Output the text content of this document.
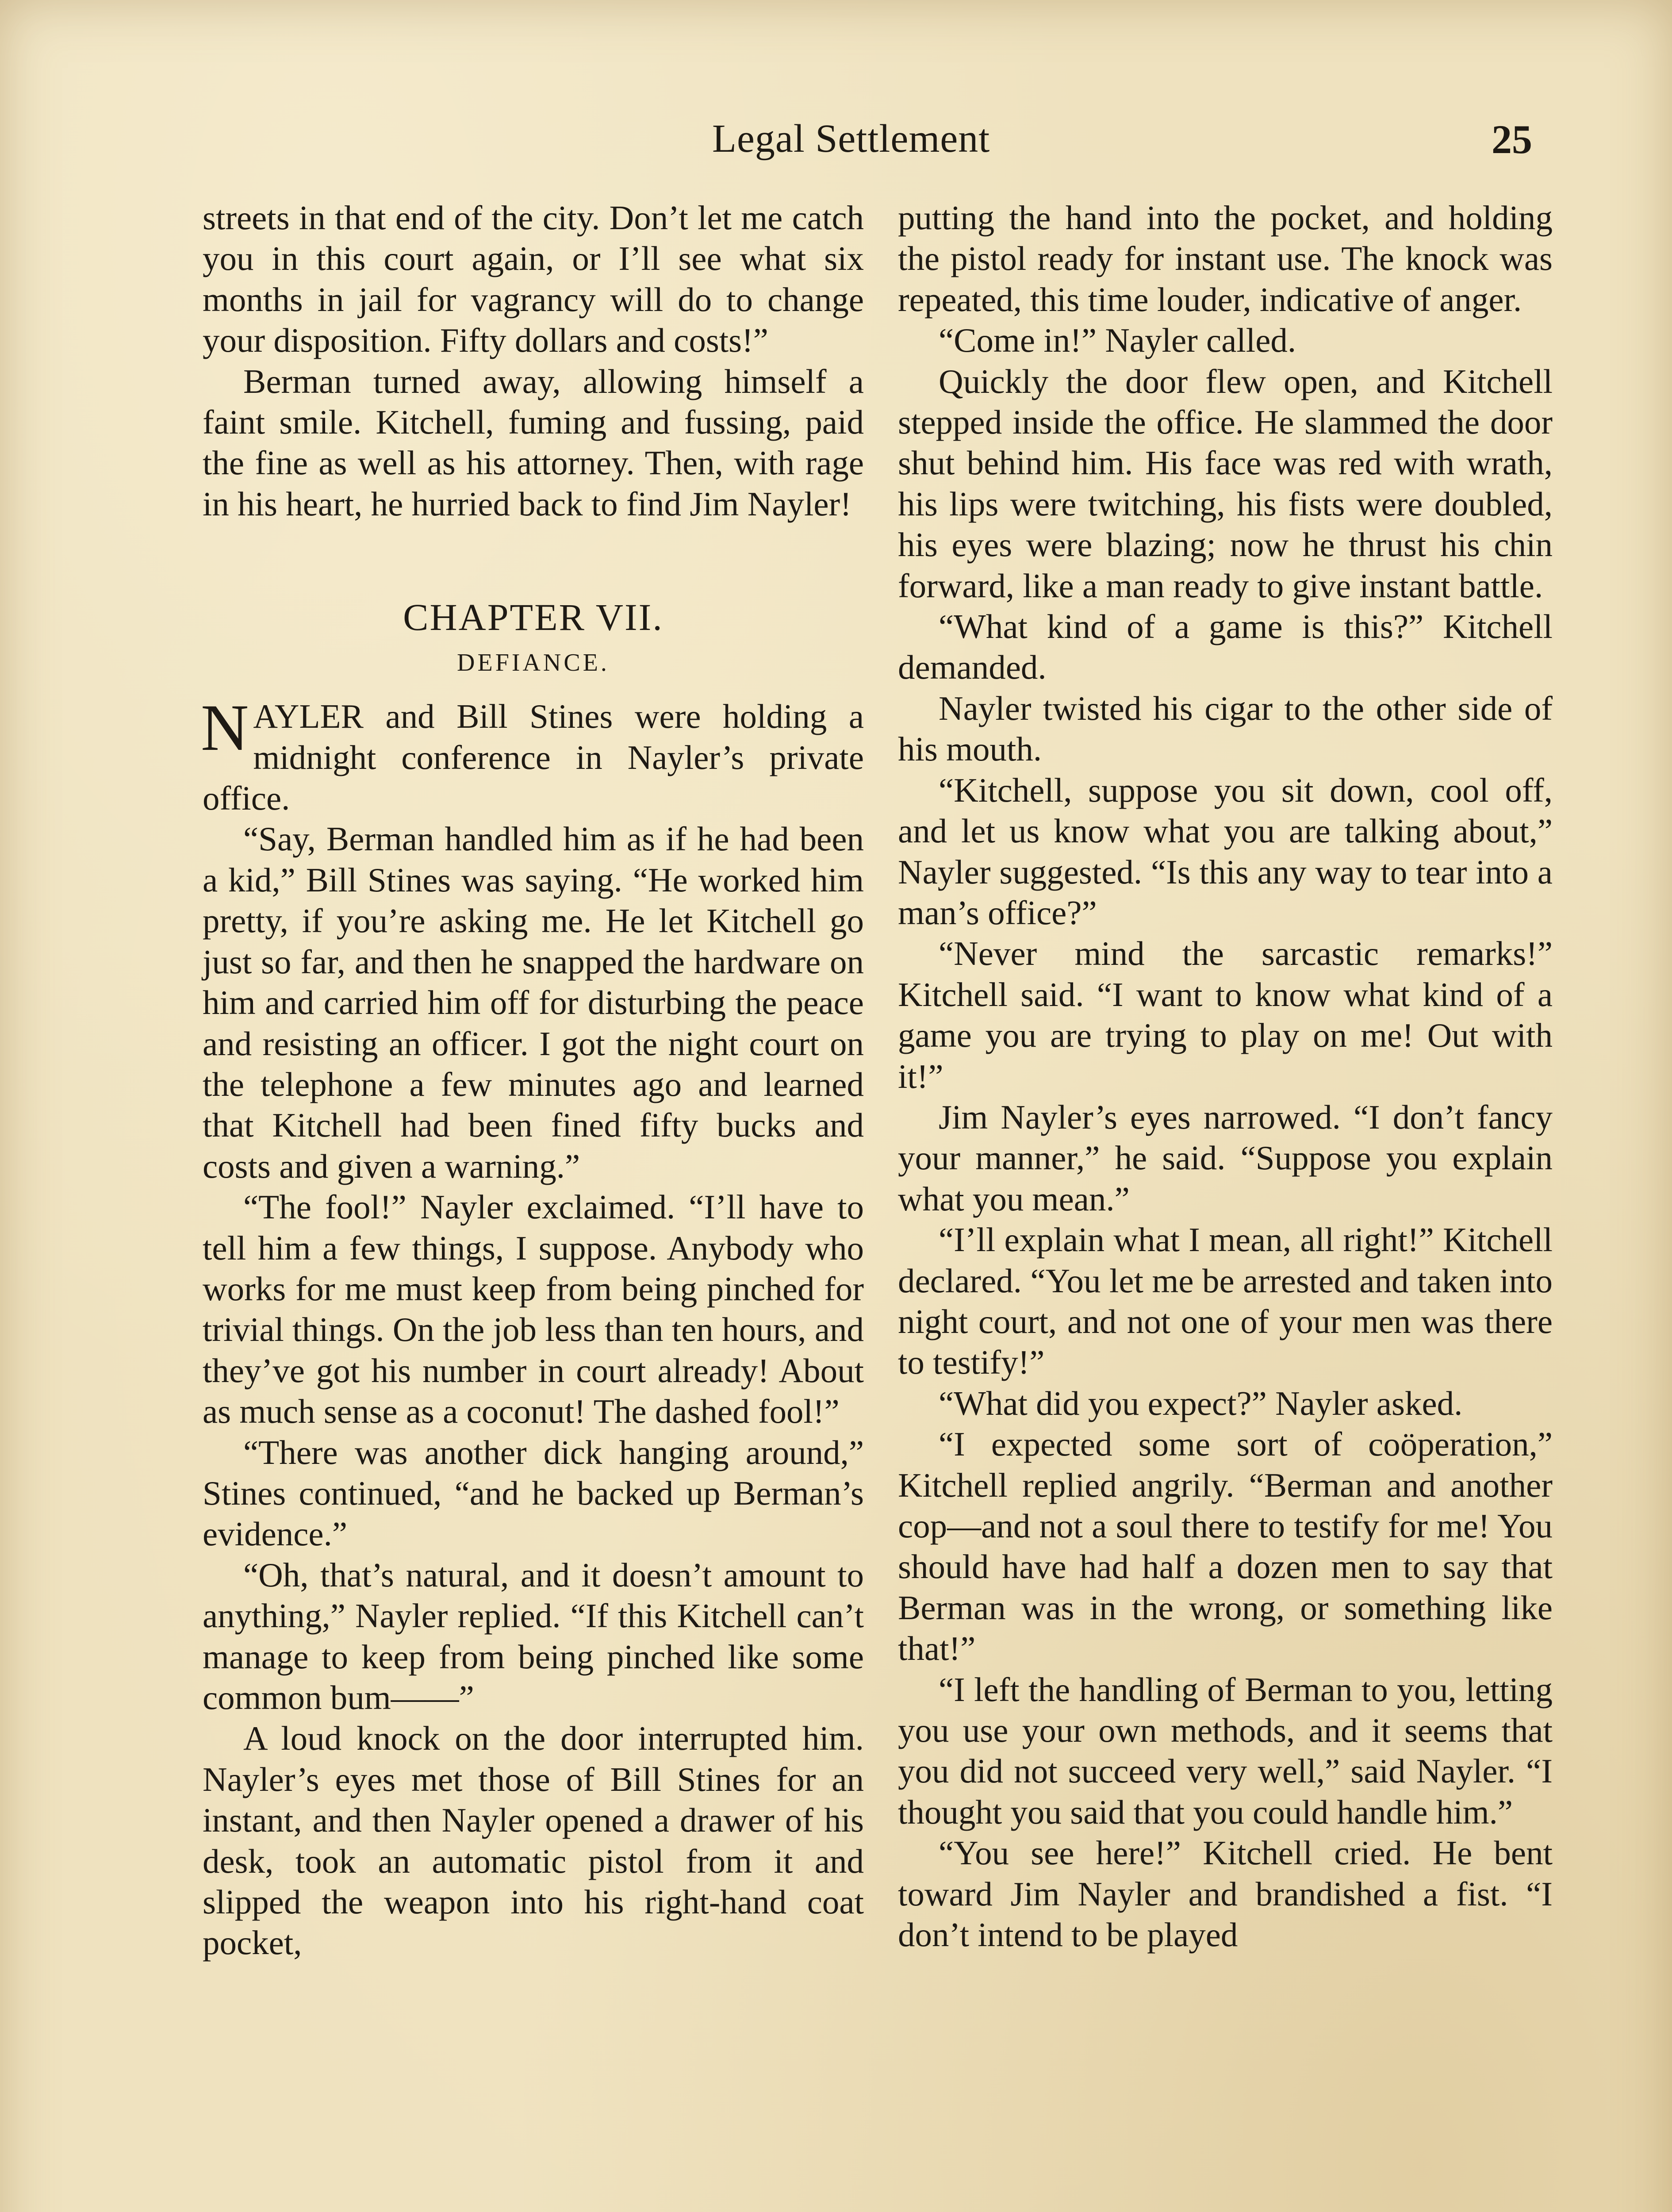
Legal Settlement	25

streets in that end of the city. Don’t let me catch you in this court again, or I’ll see what six months in jail for vagrancy will do to change your disposition. Fifty dollars and costs!”

Berman turned away, allowing himself a faint smile. Kitchell, fuming and fussing, paid the fine as well as his attorney. Then, with rage in his heart, he hurried back to find Jim Nayler!

CHAPTER VII.
DEFIANCE.

NAYLER and Bill Stines were holding a midnight conference in Nayler’s private office.

“Say, Berman handled him as if he had been a kid,” Bill Stines was saying. “He worked him pretty, if you’re asking me. He let Kitchell go just so far, and then he snapped the hardware on him and carried him off for disturbing the peace and resisting an officer. I got the night court on the telephone a few minutes ago and learned that Kitchell had been fined fifty bucks and costs and given a warning.”

“The fool!” Nayler exclaimed. “I’ll have to tell him a few things, I suppose. Anybody who works for me must keep from being pinched for trivial things. On the job less than ten hours, and they’ve got his number in court already! About as much sense as a coconut! The dashed fool!”

“There was another dick hanging around,” Stines continued, “and he backed up Berman’s evidence.”

“Oh, that’s natural, and it doesn’t amount to anything,” Nayler replied. “If this Kitchell can’t manage to keep from being pinched like some common bum——”

A loud knock on the door interrupted him. Nayler’s eyes met those of Bill Stines for an instant, and then Nayler opened a drawer of his desk, took an automatic pistol from it and slipped the weapon into his right-hand coat pocket,

putting the hand into the pocket, and holding the pistol ready for instant use. The knock was repeated, this time louder, indicative of anger.

“Come in!” Nayler called.

Quickly the door flew open, and Kitchell stepped inside the office. He slammed the door shut behind him. His face was red with wrath, his lips were twitching, his fists were doubled, his eyes were blazing; now he thrust his chin forward, like a man ready to give instant battle.

“What kind of a game is this?” Kitchell demanded.

Nayler twisted his cigar to the other side of his mouth.

“Kitchell, suppose you sit down, cool off, and let us know what you are talking about,” Nayler suggested. “Is this any way to tear into a man’s office?”

“Never mind the sarcastic remarks!” Kitchell said. “I want to know what kind of a game you are trying to play on me! Out with it!”

Jim Nayler’s eyes narrowed. “I don’t fancy your manner,” he said. “Suppose you explain what you mean.”

“I’ll explain what I mean, all right!” Kitchell declared. “You let me be arrested and taken into night court, and not one of your men was there to testify!”

“What did you expect?” Nayler asked.

“I expected some sort of coöperation,” Kitchell replied angrily. “Berman and another cop—and not a soul there to testify for me! You should have had half a dozen men to say that Berman was in the wrong, or something like that!”

“I left the handling of Berman to you, letting you use your own methods, and it seems that you did not succeed very well,” said Nayler. “I thought you said that you could handle him.”

“You see here!” Kitchell cried. He bent toward Jim Nayler and brandished a fist. “I don’t intend to be played
